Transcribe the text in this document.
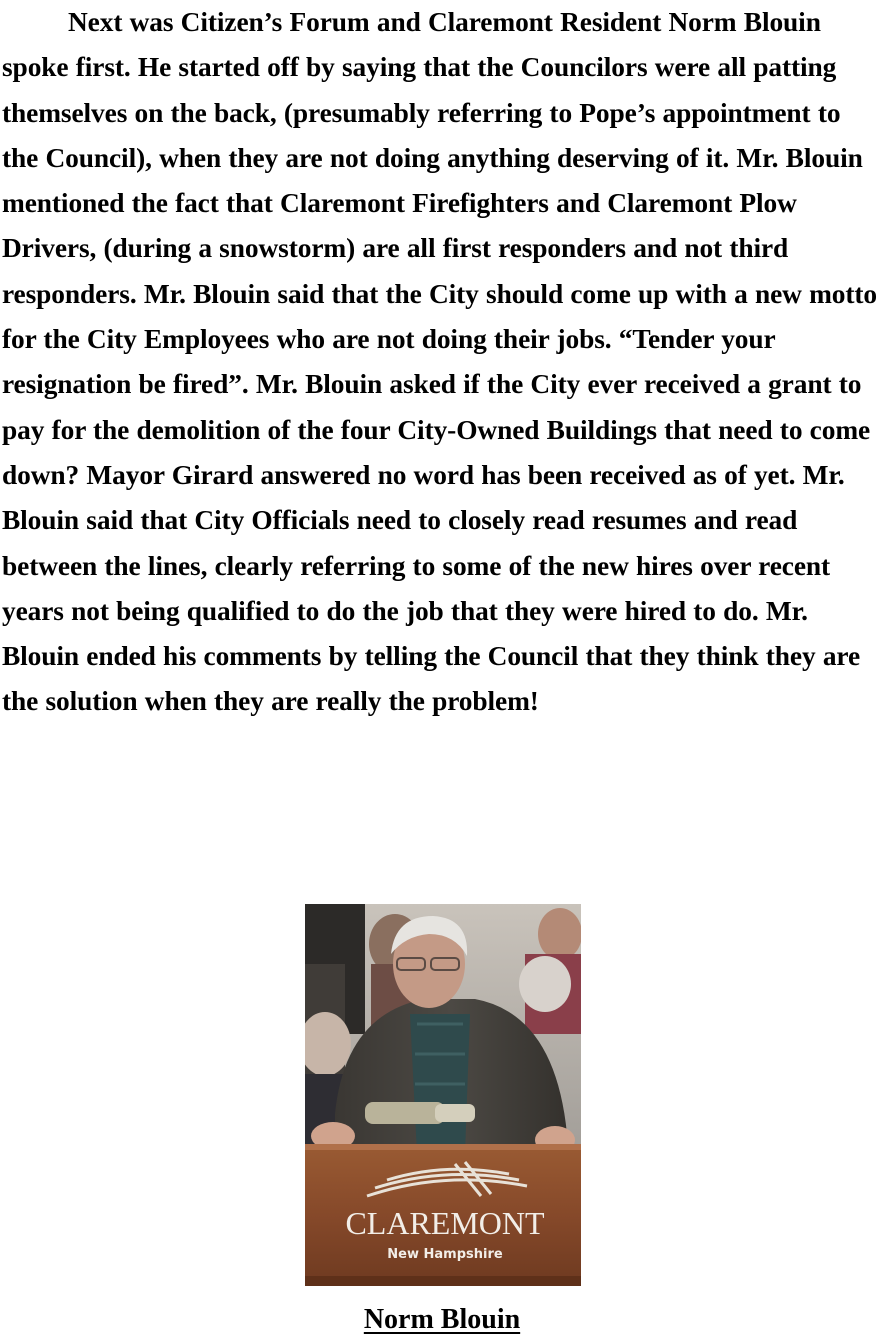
Next was Citizen’s Forum and Claremont Resident Norm Blouin spoke first. He started off by saying that the Councilors were all patting themselves on the back, (presumably referring to Pope’s appointment to the Council), when they are not doing anything deserving of it. Mr. Blouin mentioned the fact that Claremont Firefighters and Claremont Plow Drivers, (during a snowstorm) are all first responders and not third responders. Mr. Blouin said that the City should come up with a new motto for the City Employees who are not doing their jobs. “Tender your resignation be fired”. Mr. Blouin asked if the City ever received a grant to pay for the demolition of the four City-Owned Buildings that need to come down? Mayor Girard answered no word has been received as of yet. Mr. Blouin said that City Officials need to closely read resumes and read between the lines, clearly referring to some of the new hires over recent years not being qualified to do the job that they were hired to do. Mr. Blouin ended his comments by telling the Council that they think they are the solution when they are really the problem!

CLAREMONT
New Hampshire

Norm Blouin
